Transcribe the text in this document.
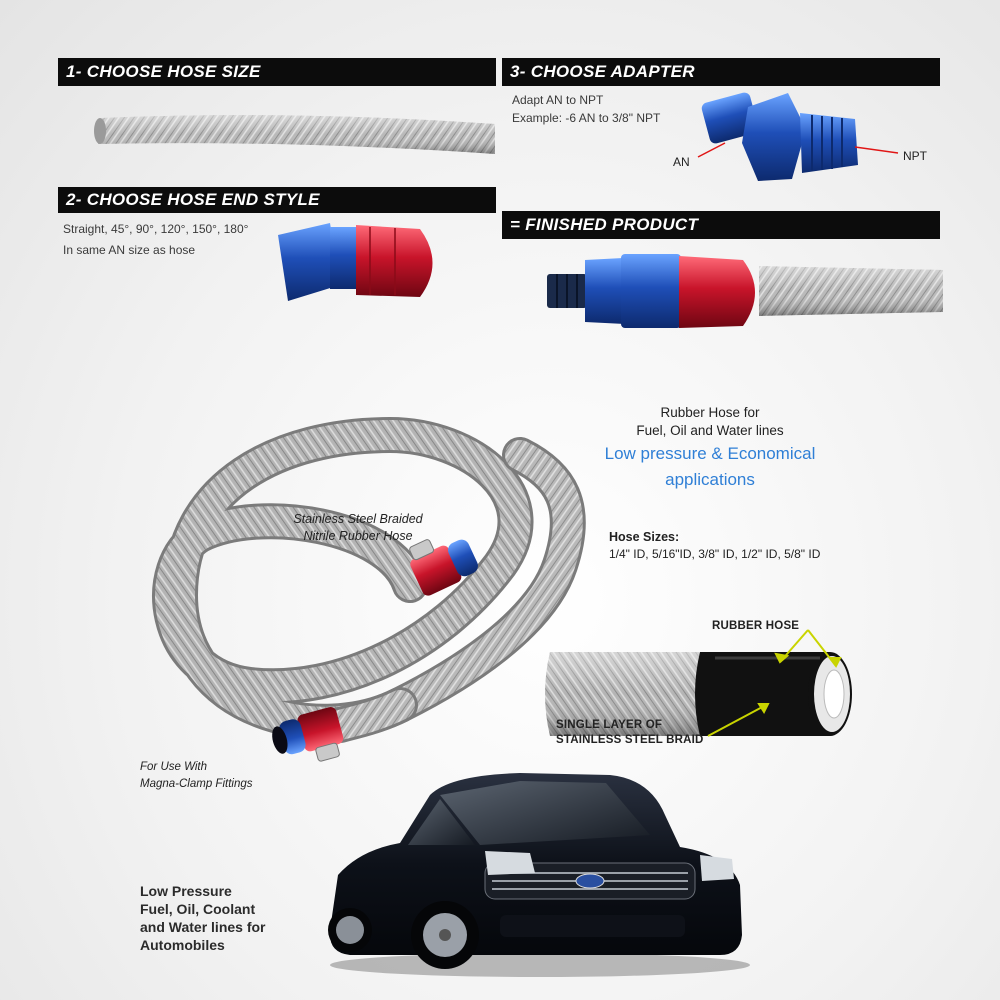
1- CHOOSE HOSE SIZE
2- CHOOSE HOSE END STYLE
Straight, 45°, 90°, 120°, 150°, 180°
In same AN size as hose
3- CHOOSE ADAPTER
Adapt AN to NPT
Example: -6 AN to 3/8" NPT
AN	NPT
= FINISHED PRODUCT
Rubber Hose for
Fuel, Oil and Water lines
Low pressure & Economical
applications
Hose Sizes:
1/4" ID, 5/16"ID, 3/8" ID, 1/2" ID, 5/8" ID
Stainless Steel Braided
Nitrile Rubber Hose
For Use With
Magna-Clamp Fittings
RUBBER HOSE
SINGLE LAYER OF
STAINLESS STEEL BRAID
Low Pressure
Fuel, Oil, Coolant
and Water lines for
Automobiles
